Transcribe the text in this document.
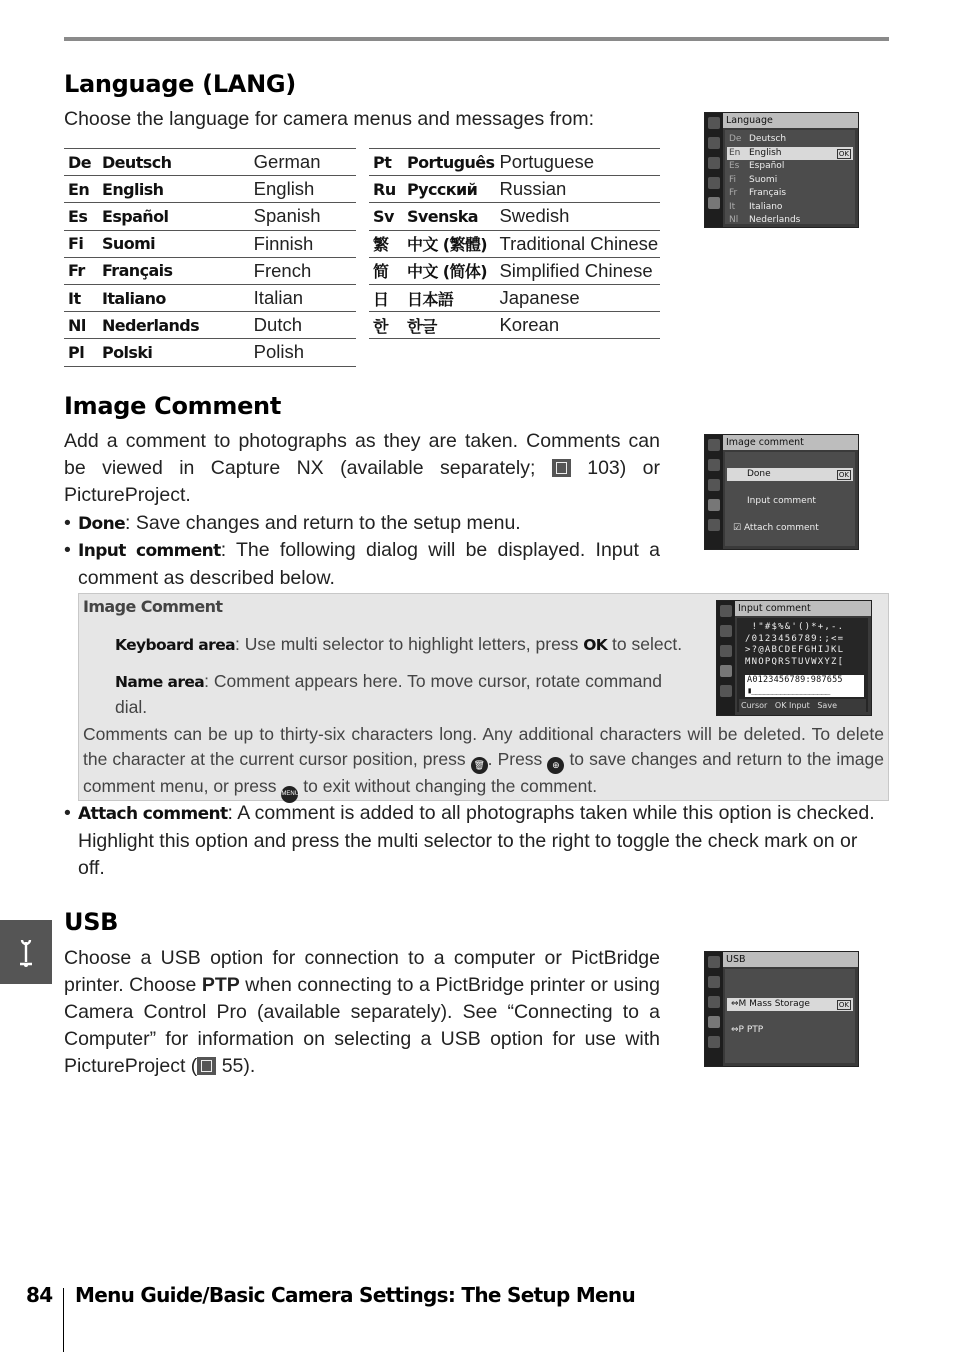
Language (LANG)

Choose the language for camera menus and messages from:

De	Deutsch	German
En	English	English
Es	Español	Spanish
Fi	Suomi	Finnish
Fr	Français	French
It	Italiano	Italian
Nl	Nederlands	Dutch
Pl	Polski	Polish
Pt	Português	Portuguese
Ru	Русский	Russian
Sv	Svenska	Swedish
繁	中文 (繁體)	Traditional Chinese
简	中文 (简体)	Simplified Chinese
日	日本語	Japanese
한	한글	Korean
Language
De Deutsch
En English	OK
Es Español
Fi Suomi
Fr Français
It Italiano
Nl Nederlands
Image Comment

Add a comment to photographs as they are taken. Comments can be viewed in Capture NX (available separately;	103) or PictureProject.

• Done: Save changes and return to the setup menu.
• Input comment: The following dialog will be displayed. Input a comment as described below.
Image comment
Done	OK
Input comment
☑ Attach comment
Image Comment
Keyboard area: Use multi selector to highlight letters, press OK to select.
Name area: Comment appears here. To move cursor, rotate command dial.
Comments can be up to thirty-six characters long. Any additional characters will be deleted. To delete the character at the current cursor position, press 🗑 . Press ⊕ to save changes and return to the image comment menu, or press MENU to exit without changing the comment.
Input comment
!"#$%&'()*+,-.
/0123456789:;<=
>?@ABCDEFGHIJKL
MNOPQRSTUVWXYZ[
A0123456789:987655
▮___________________
Cursor   OK Input   Save
• Attach comment: A comment is added to all photographs taken while this option is checked. Highlight this option and press the multi selector to the right to toggle the check mark on or off.
USB

Choose a USB option for connection to a computer or PictBridge printer. Choose PTP when connecting to a PictBridge printer or using Camera Control Pro (available separately). See “Connecting to a Computer” for information on selecting a USB option for use with PictureProject ( 55).

USB
⇔M Mass Storage	OK
⇔P PTP
84 Menu Guide/Basic Camera Settings: The Setup Menu
